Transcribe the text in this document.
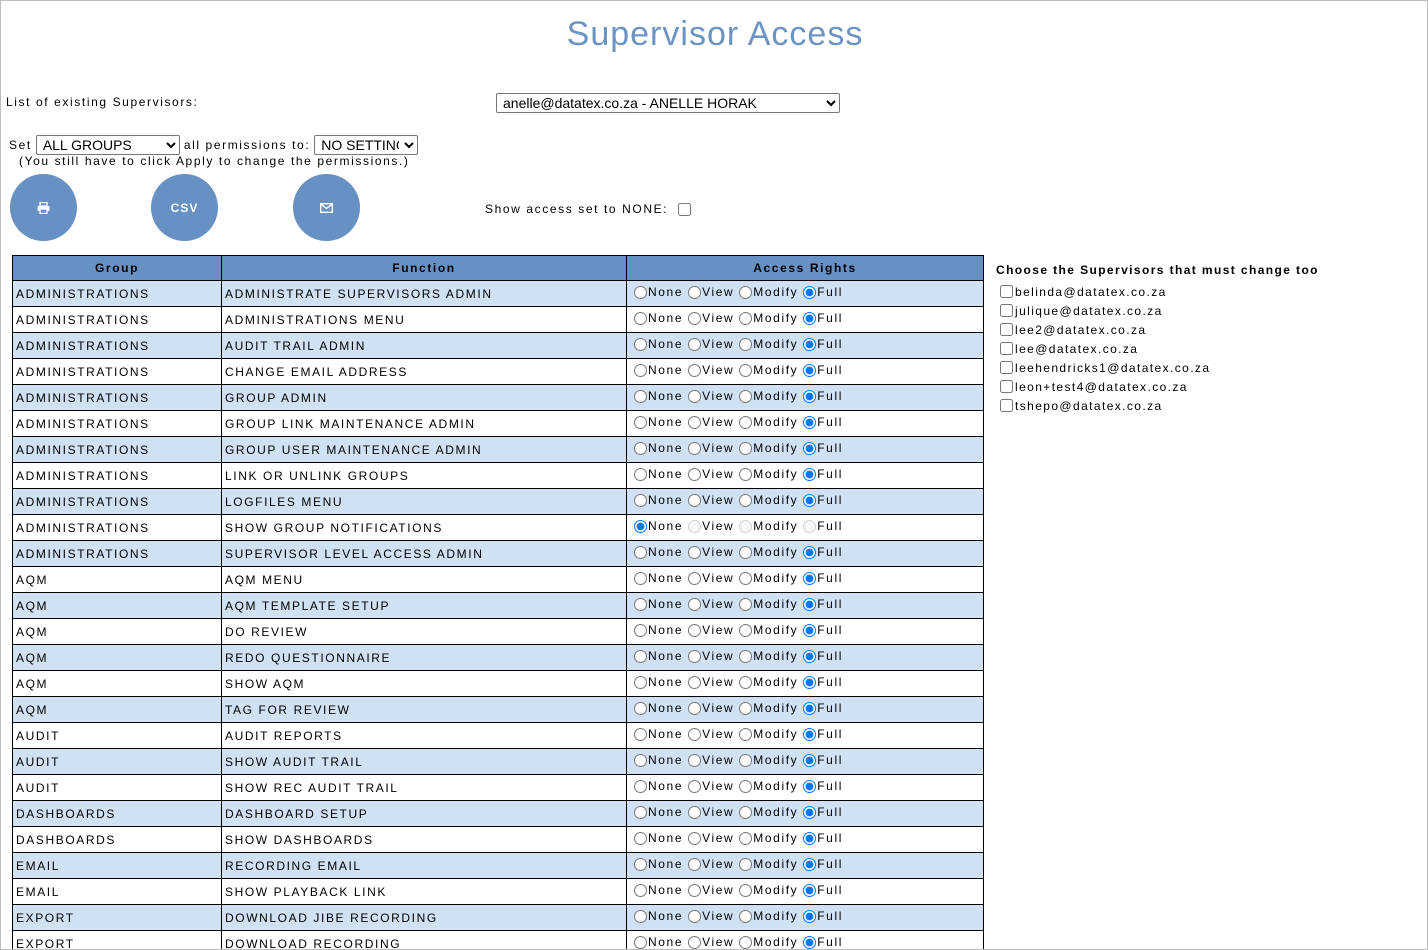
Supervisor Access
List of existing Supervisors:
anelle@datatex.co.za - ANELLE HORAK
Set
ALL GROUPS	all permissions to:
NO SETTING
(You still have to click Apply to change the permissions.)
CSV	Show access set to NONE:
Group	Function	Access Rights
ADMINISTRATIONS	ADMINISTRATE SUPERVISORS ADMIN	None View Modify Full

ADMINISTRATIONS	ADMINISTRATIONS MENU	None View Modify Full

ADMINISTRATIONS	AUDIT TRAIL ADMIN	None View Modify Full

ADMINISTRATIONS	CHANGE EMAIL ADDRESS	None View Modify Full

ADMINISTRATIONS	GROUP ADMIN	None View Modify Full

ADMINISTRATIONS	GROUP LINK MAINTENANCE ADMIN	None View Modify Full

ADMINISTRATIONS	GROUP USER MAINTENANCE ADMIN	None View Modify Full

ADMINISTRATIONS	LINK OR UNLINK GROUPS	None View Modify Full

ADMINISTRATIONS	LOGFILES MENU	None View Modify Full

ADMINISTRATIONS	SHOW GROUP NOTIFICATIONS	None View Modify Full

ADMINISTRATIONS	SUPERVISOR LEVEL ACCESS ADMIN	None View Modify Full

AQM	AQM MENU	None View Modify Full

AQM	AQM TEMPLATE SETUP	None View Modify Full

AQM	DO REVIEW	None View Modify Full

AQM	REDO QUESTIONNAIRE	None View Modify Full

AQM	SHOW AQM	None View Modify Full

AQM	TAG FOR REVIEW	None View Modify Full

AUDIT	AUDIT REPORTS	None View Modify Full

AUDIT	SHOW AUDIT TRAIL	None View Modify Full

AUDIT	SHOW REC AUDIT TRAIL	None View Modify Full

DASHBOARDS	DASHBOARD SETUP	None View Modify Full

DASHBOARDS	SHOW DASHBOARDS	None View Modify Full

EMAIL	RECORDING EMAIL	None View Modify Full

EMAIL	SHOW PLAYBACK LINK	None View Modify Full

EXPORT	DOWNLOAD JIBE RECORDING	None View Modify Full

EXPORT	DOWNLOAD RECORDING	None View Modify Full
Choose the Supervisors that must change too
belinda@datatex.co.za
julique@datatex.co.za
lee2@datatex.co.za
lee@datatex.co.za
leehendricks1@datatex.co.za
leon+test4@datatex.co.za
tshepo@datatex.co.za
